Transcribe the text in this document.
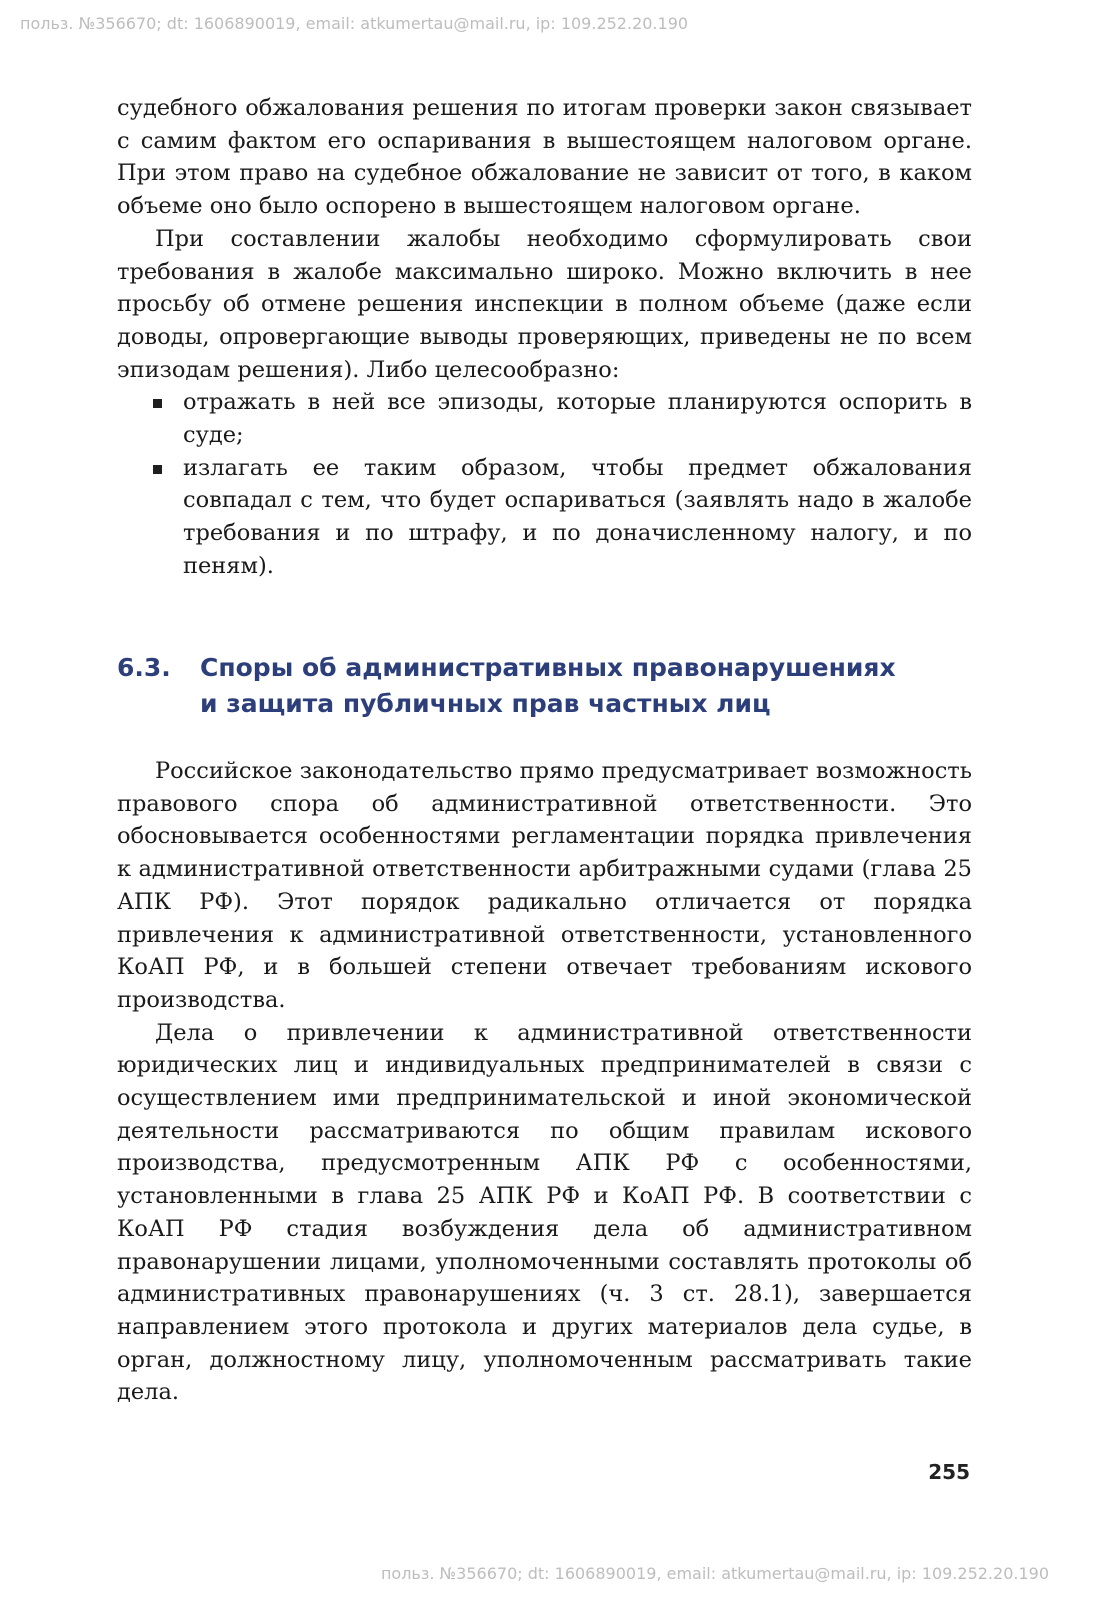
польз. №356670; dt: 1606890019, email: atkumertau@mail.ru, ip: 109.252.20.190

судебного обжалования решения по итогам проверки закон связывает с самим фактом его оспаривания в вышестоящем налоговом органе. При этом право на судебное обжалование не зависит от того, в каком объеме оно было оспорено в вышестоящем налоговом органе.

При составлении жалобы необходимо сформулировать свои требования в жалобе максимально широко. Можно включить в нее просьбу об отмене решения инспекции в полном объеме (даже если доводы, опровергающие выводы проверяющих, приведены не по всем эпизодам решения). Либо целесообразно:

отражать в ней все эпизоды, которые планируются оспорить в суде;
излагать ее таким образом, чтобы предмет обжалования совпадал с тем, что будет оспариваться (заявлять надо в жалобе требования и по штрафу, и по доначисленному налогу, и по пеням).
6.3. Споры об административных правонарушениях
и защита публичных прав частных лиц

Российское законодательство прямо предусматривает возможность правового спора об административной ответственности. Это обосновывается особенностями регламентации порядка привлечения к административной ответственности арбитражными судами (глава 25 АПК РФ). Этот порядок радикально отличается от порядка привлечения к административной ответственности, установленного КоАП РФ, и в большей степени отвечает требованиям искового производства.

Дела о привлечении к административной ответственности юридических лиц и индивидуальных предпринимателей в связи с осуществлением ими предпринимательской и иной экономической деятельности рассматриваются по общим правилам искового производства, предусмотренным АПК РФ с особенностями, установленными в глава 25 АПК РФ и КоАП РФ. В соответствии с КоАП РФ стадия возбуждения дела об административном правонарушении лицами, уполномоченными составлять протоколы об административных правонарушениях (ч. 3 ст. 28.1), завершается направлением этого протокола и других материалов дела судье, в орган, должностному лицу, уполномоченным рассматривать такие дела.

255
польз. №356670; dt: 1606890019, email: atkumertau@mail.ru, ip: 109.252.20.190
